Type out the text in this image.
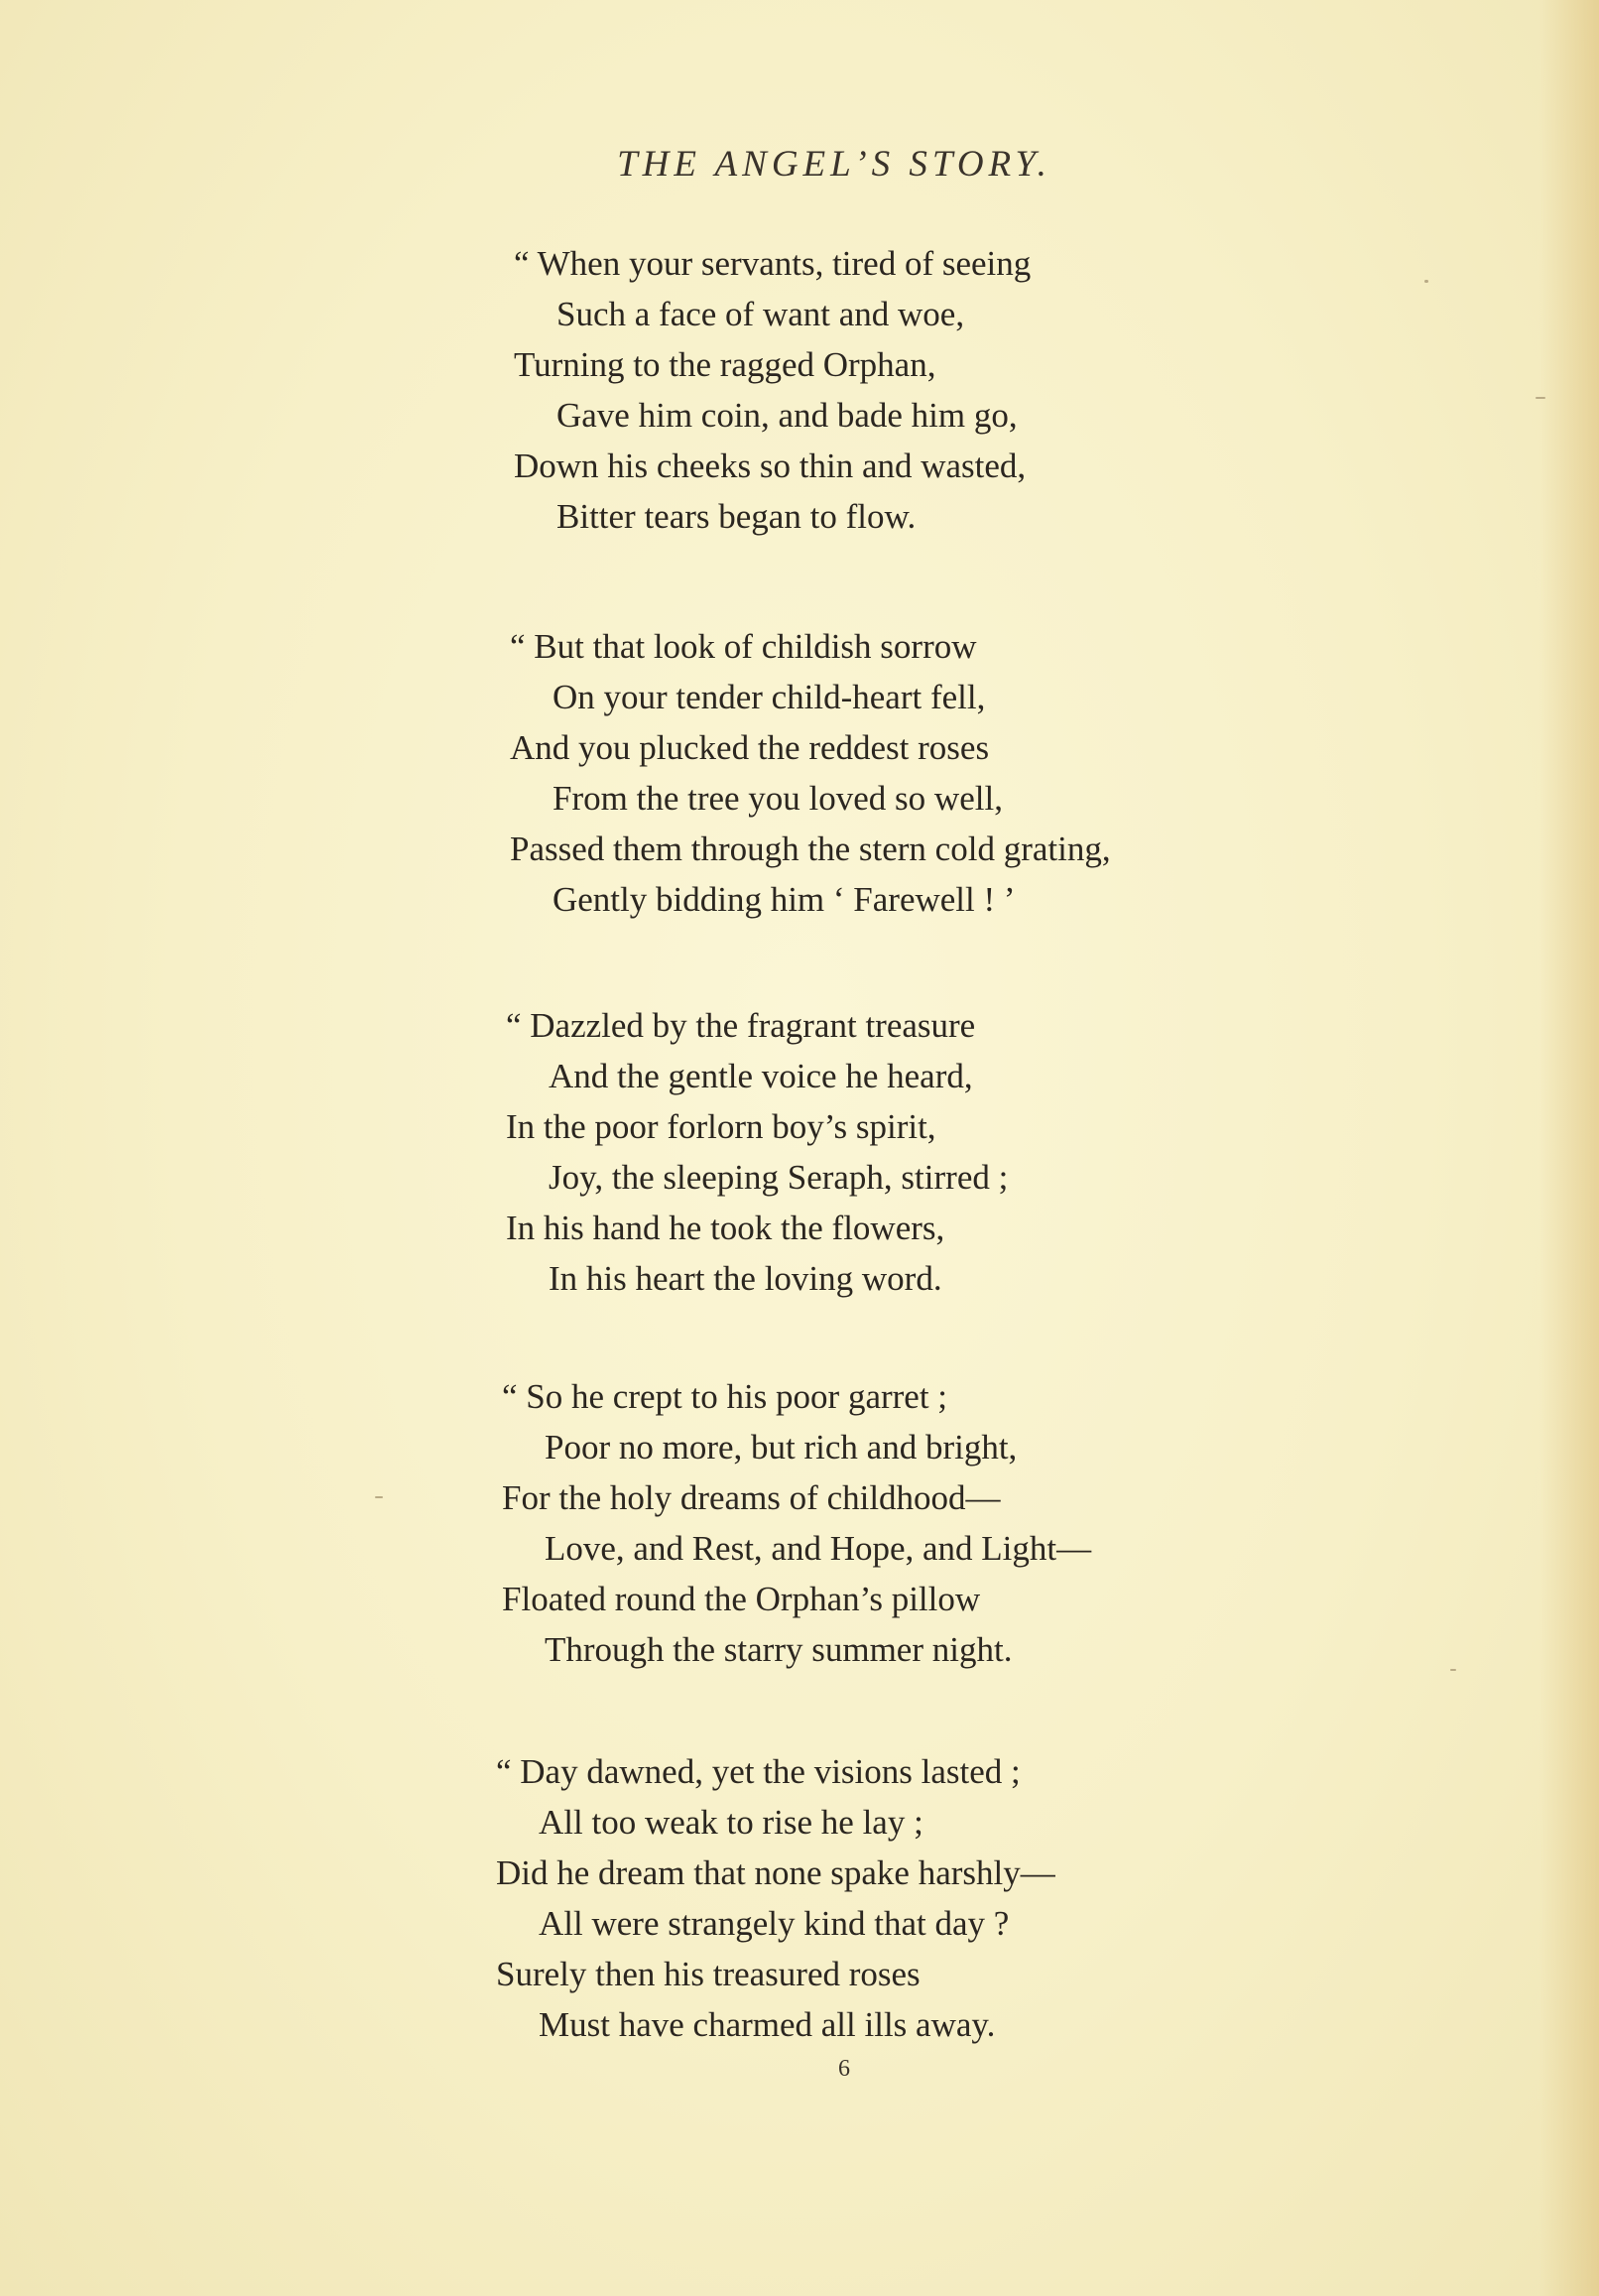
THE ANGEL’S STORY.
“ When your servants, tired of seeing
Such a face of want and woe,
Turning to the ragged Orphan,
Gave him coin, and bade him go,
Down his cheeks so thin and wasted,
Bitter tears began to flow.
“ But that look of childish sorrow
On your tender child-heart fell,
And you plucked the reddest roses
From the tree you loved so well,
Passed them through the stern cold grating,
Gently bidding him ‘ Farewell ! ’
“ Dazzled by the fragrant treasure
And the gentle voice he heard,
In the poor forlorn boy’s spirit,
Joy, the sleeping Seraph, stirred ;
In his hand he took the flowers,
In his heart the loving word.
“ So he crept to his poor garret ;
Poor no more, but rich and bright,
For the holy dreams of childhood—
Love, and Rest, and Hope, and Light—
Floated round the Orphan’s pillow
Through the starry summer night.
“ Day dawned, yet the visions lasted ;
All too weak to rise he lay ;
Did he dream that none spake harshly—
All were strangely kind that day ?
Surely then his treasured roses
Must have charmed all ills away.
6
